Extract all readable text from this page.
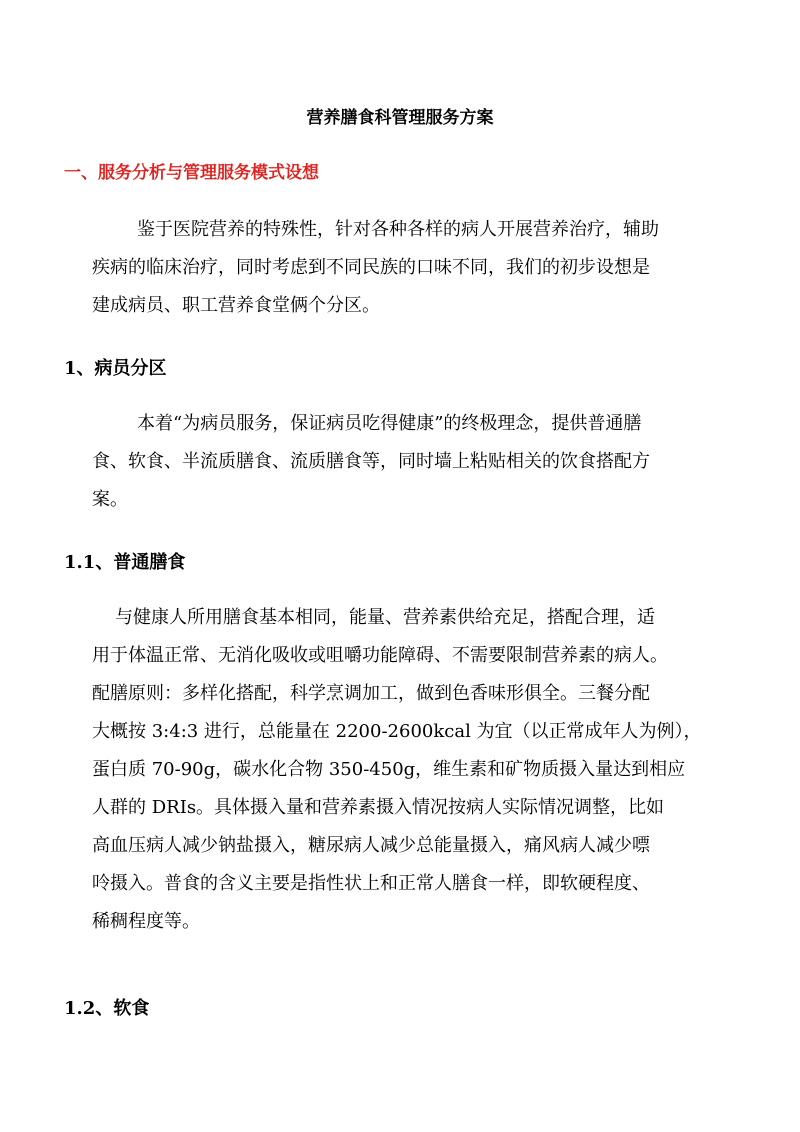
营养膳食科管理服务方案
一、服务分析与管理服务模式设想

鉴于医院营养的特殊性，针对各种各样的病人开展营养治疗，辅助
疾病的临床治疗，同时考虑到不同民族的口味不同，我们的初步设想是
建成病员、职工营养食堂俩个分区。

1、病员分区

本着“为病员服务，保证病员吃得健康”的终极理念，提供普通膳
食、软食、半流质膳食、流质膳食等，同时墙上粘贴相关的饮食搭配方
案。

1.1、普通膳食

与健康人所用膳食基本相同，能量、营养素供给充足，搭配合理，适
用于体温正常、无消化吸收或咀嚼功能障碍、不需要限制营养素的病人。
配膳原则：多样化搭配，科学烹调加工，做到色香味形俱全。三餐分配
大概按 3:4:3 进行，总能量在 2200-2600kcal 为宜（以正常成年人为例），
蛋白质 70-90g，碳水化合物 350-450g，维生素和矿物质摄入量达到相应
人群的 DRIs。具体摄入量和营养素摄入情况按病人实际情况调整，比如
高血压病人减少钠盐摄入，糖尿病人减少总能量摄入，痛风病人减少嘌
呤摄入。普食的含义主要是指性状上和正常人膳食一样，即软硬程度、
稀稠程度等。

1.2、软食
